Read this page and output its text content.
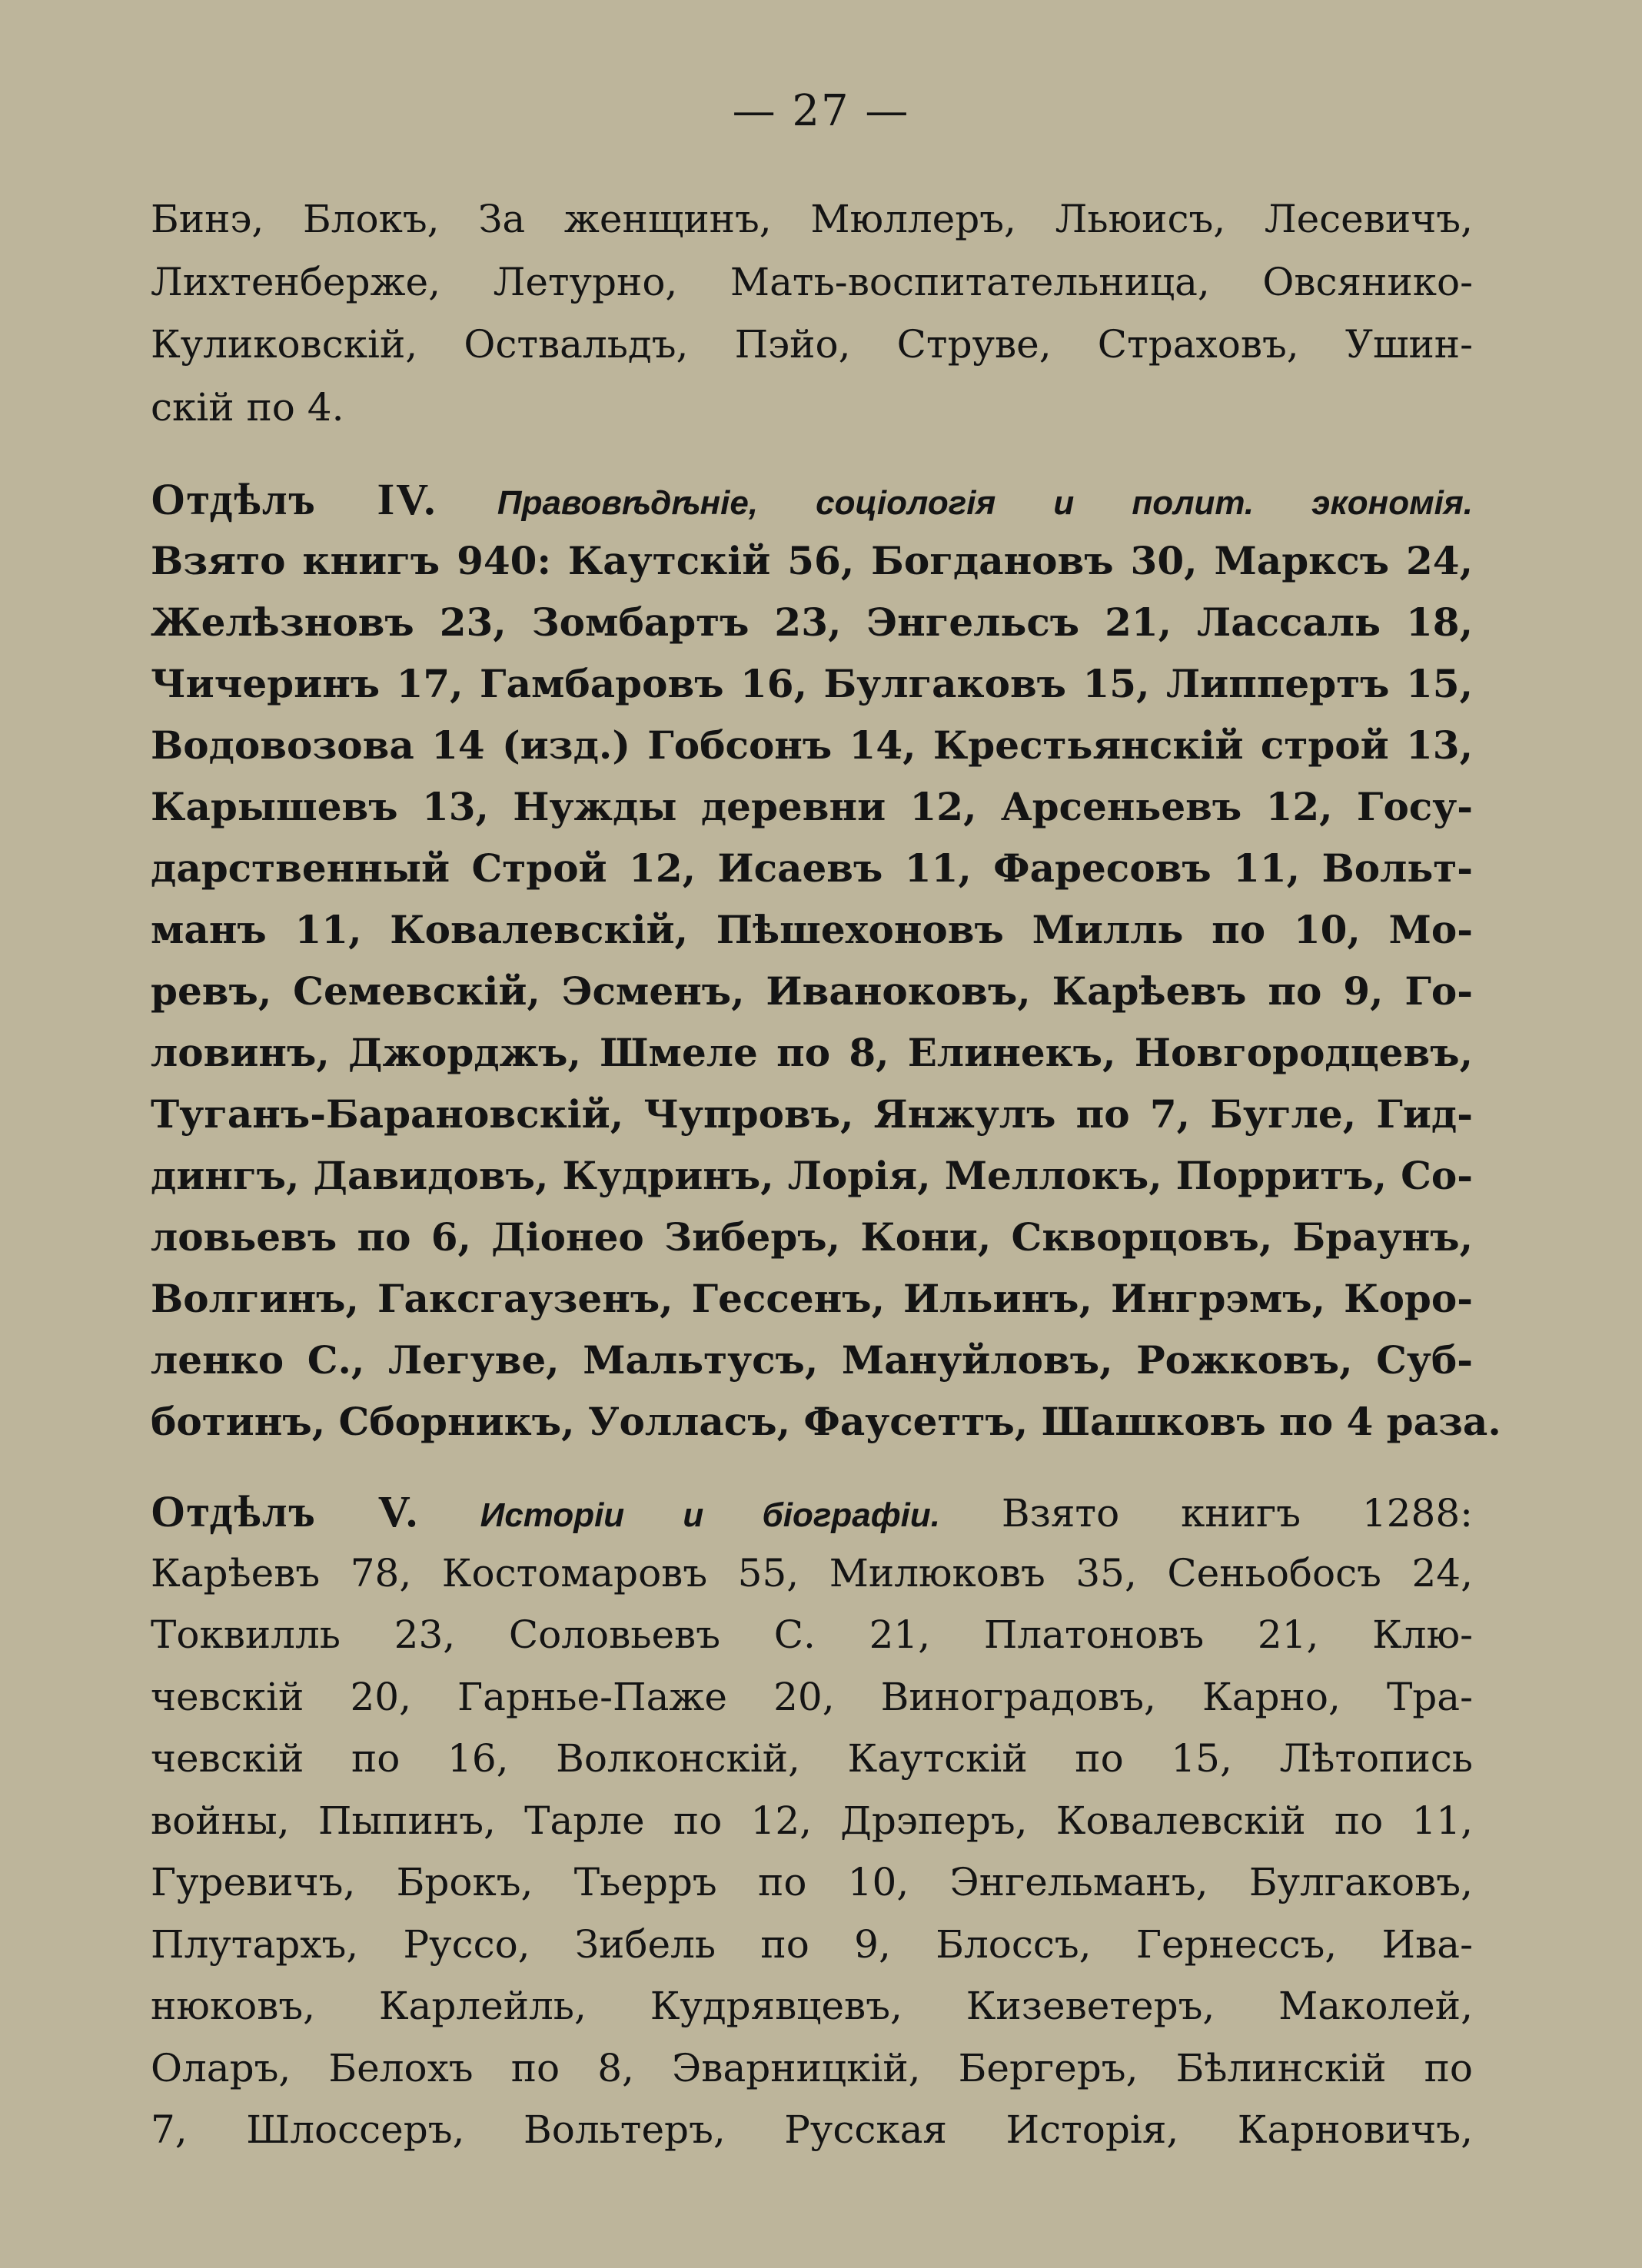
— 27 —
Бинэ, Блокъ, За женщинъ, Мюллеръ, Льюисъ, Лесевичъ,
Лихтенберже, Летурно, Мать-воспитательница, Овсянико-
Куликовскій, Оствальдъ, Пэйо, Струве, Страховъ, Ушин-
скій по 4.
Отдѣлъ IV. Правовѣдѣніе, соціологія и полит. экономія.
Взято книгъ 940: Каутскій 56, Богдановъ 30, Марксъ 24,
Желѣзновъ 23, Зомбартъ 23, Энгельсъ 21, Лассаль 18,
Чичеринъ 17, Гамбаровъ 16, Булгаковъ 15, Липпертъ 15,
Водовозова 14 (изд.) Гобсонъ 14, Крестьянскій строй 13,
Карышевъ 13, Нужды деревни 12, Арсеньевъ 12, Госу-
дарственный Строй 12, Исаевъ 11, Фаресовъ 11, Вольт-
манъ 11, Ковалевскій, Пѣшехоновъ Милль по 10, Мо-
ревъ, Семевскій, Эсменъ, Иваноковъ, Карѣевъ по 9, Го-
ловинъ, Джорджъ, Шмеле по 8, Елинекъ, Новгородцевъ,
Туганъ-Барановскій, Чупровъ, Янжулъ по 7, Бугле, Гид-
дингъ, Давидовъ, Кудринъ, Лорія, Меллокъ, Порритъ, Со-
ловьевъ по 6, Діонео Зиберъ, Кони, Скворцовъ, Браунъ,
Волгинъ, Гаксгаузенъ, Гессенъ, Ильинъ, Ингрэмъ, Коро-
ленко С., Легуве, Мальтусъ, Мануйловъ, Рожковъ, Суб-
ботинъ, Сборникъ, Уолласъ, Фаусеттъ, Шашковъ по 4 раза.
Отдѣлъ V. Исторіи и біографіи. Взято книгъ 1288:
Карѣевъ 78, Костомаровъ 55, Милюковъ 35, Сеньобосъ 24,
Токвилль 23, Соловьевъ С. 21, Платоновъ 21, Клю-
чевскій 20, Гарнье-Паже 20, Виноградовъ, Карно, Тра-
чевскій по 16, Волконскій, Каутскій по 15, Лѣтопись
войны, Пыпинъ, Тарле по 12, Дрэперъ, Ковалевскій по 11,
Гуревичъ, Брокъ, Тьерръ по 10, Энгельманъ, Булгаковъ,
Плутархъ, Руссо, Зибель по 9, Блоссъ, Гернессъ, Ива-
нюковъ, Карлейль, Кудрявцевъ, Кизеветеръ, Маколей,
Оларъ, Белохъ по 8, Эварницкій, Бергеръ, Бѣлинскій по
7, Шлоссеръ, Вольтеръ, Русская Исторія, Карновичъ,
